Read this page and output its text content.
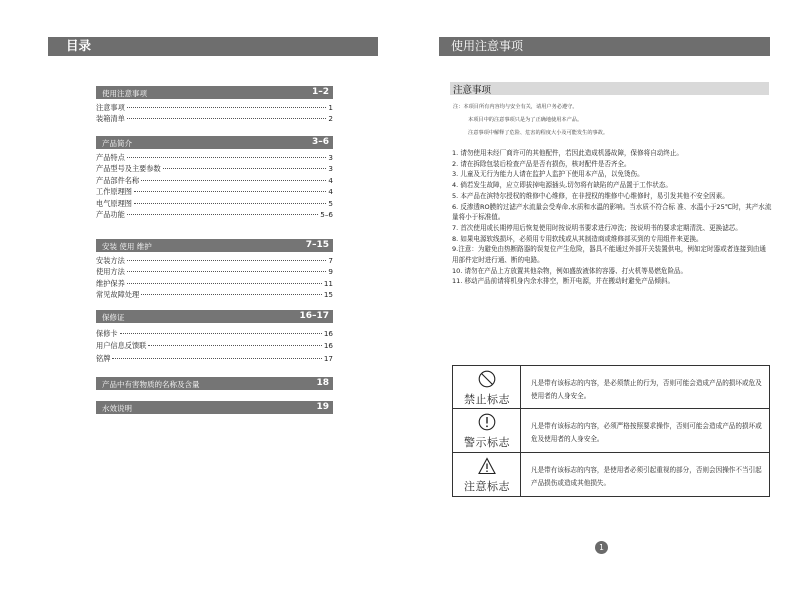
目录
使用注意事项	1–2
注意事项	1
装箱清单	2
产品简介	3–6
产品特点	3
产品型号及主要参数	3
产品部件名称	4
工作原理图	4
电气原理图	5
产品功能	5–6
安装 使用 维护	7–15
安装方法	7
使用方法	9
维护保养	11
常见故障处理	15
保修证	16–17
保修卡	16
用户信息反馈联	16
铭牌	17
产品中有害物质的名称及含量	18
水效说明	19
使用注意事项
注意事项
注：本项目所有内容均与安全有关，请用户务必遵守。
本项目中的注意事项只是为了正确地使用本产品。
注意事项中解释了危险、危害的程度大小及可能发生的事故。
1. 请勿使用未经厂商许可的其他配件，若因此造成机器故障，保修将自动终止。
2. 请在拆除包装后检查产品是否有损伤，核对配件是否齐全。
3. 儿童及无行为能力人请在监护人监护下使用本产品，以免烫伤。
4. 倘若发生故障，应立即拔掉电源插头,切勿将有缺陷的产品置于工作状态。
5. 本产品在滨特尔授权的维修中心维修，在非授权的维修中心维修时，易引发其他不安全因素。
6. 反渗透RO膜的过滤产水流量会受寿命,水质和水温的影响。当水质不符合标 准、水温小于25℃时，其产水流量将小于标准值。
7. 首次使用或长期停用后恢复使用时按说明书要求进行冲洗；按说明书的要求定期清洗、更换滤芯。
8. 如果电源软线损坏，必须用专用软线或从其制造商或维修部买到的专用组件来更换。
9.注意：为避免由热断路器的误复位产生危险，器具不能通过外部开关装置供电，例如定时器或者连接到由通用部件定时进行通、断的电路。
10. 请勿在产品上方放置其他杂物，例如盛放液体的容器、打火机等易燃危险品。
11. 移动产品前请将机身内余水排空，断开电源，并在搬动时避免产品倾斜。
禁止标志
凡是带有该标志的内容，是必须禁止的行为，否则可能会造成产品的损坏或危及使用者的人身安全。
警示标志
凡是带有该标志的内容，必须严格按照要求操作，否则可能会造成产品的损坏或危及使用者的人身安全。
注意标志
凡是带有该标志的内容，是使用者必须引起重视的部分，否则会因操作不当引起产品损伤或造成其他损失。
1
